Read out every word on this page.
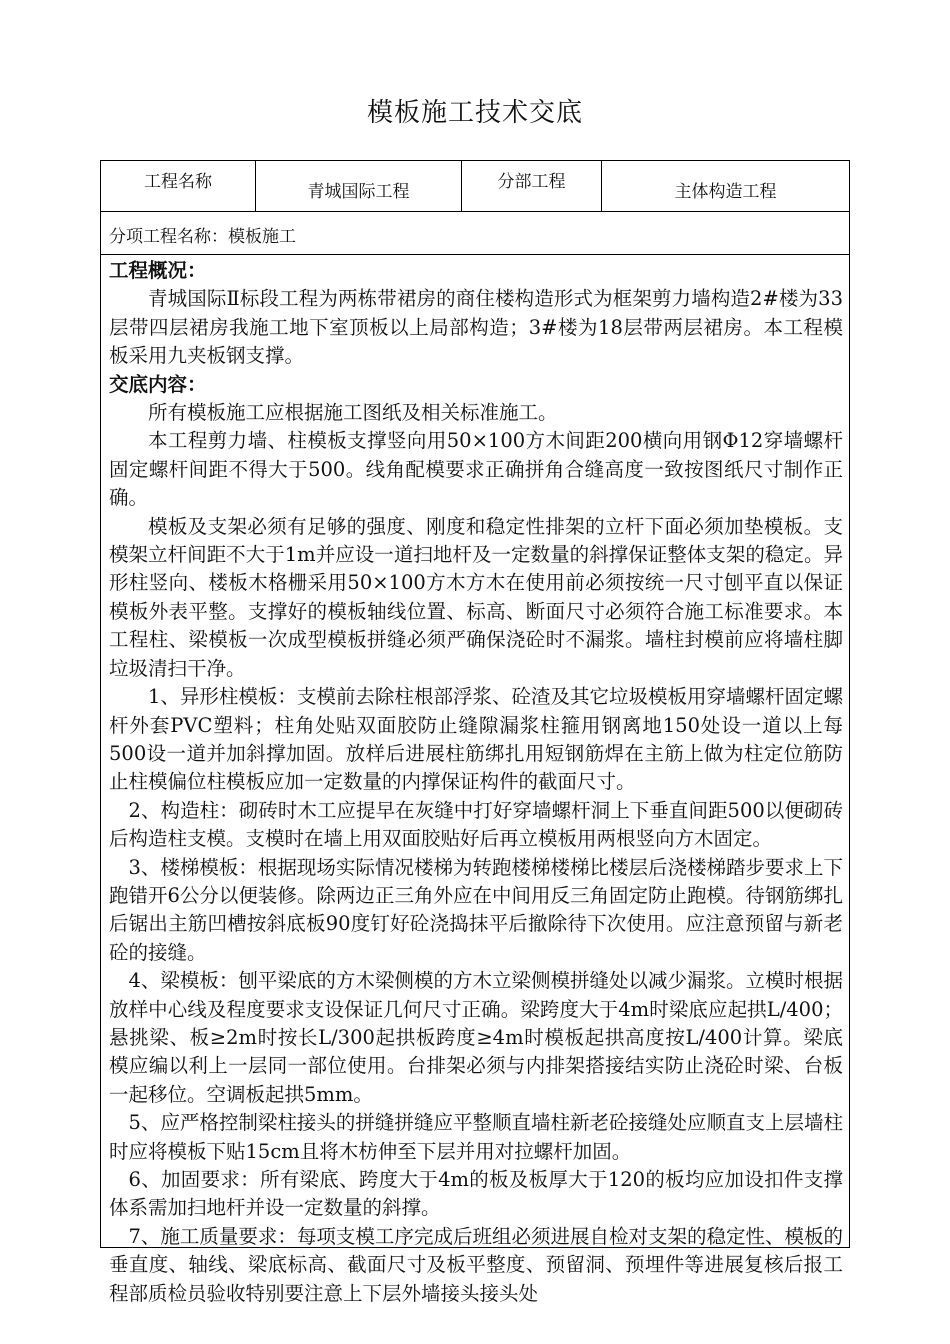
模板施工技术交底
工程名称	青城国际工程	分部工程	主体构造工程
分项工程名称：模板施工

工程概况：

青城国际Ⅱ标段工程为两栋带裙房的商住楼构造形式为框架剪力墙构造2#楼为33层带四层裙房我施工地下室顶板以上局部构造；3#楼为18层带两层裙房。本工程模板采用九夹板钢支撑。

交底内容：

所有模板施工应根据施工图纸及相关标准施工。

本工程剪力墙、柱模板支撑竖向用50×100方木间距200横向用钢Φ12穿墙螺杆固定螺杆间距不得大于500。线角配模要求正确拼角合缝高度一致按图纸尺寸制作正确。

模板及支架必须有足够的强度、刚度和稳定性排架的立杆下面必须加垫模板。支模架立杆间距不大于1m并应设一道扫地杆及一定数量的斜撑保证整体支架的稳定。异形柱竖向、楼板木格栅采用50×100方木方木在使用前必须按统一尺寸刨平直以保证模板外表平整。支撑好的模板轴线位置、标高、断面尺寸必须符合施工标准要求。本工程柱、梁模板一次成型模板拼缝必须严确保浇砼时不漏浆。墙柱封模前应将墙柱脚垃圾清扫干净。

1、异形柱模板：支模前去除柱根部浮浆、砼渣及其它垃圾模板用穿墙螺杆固定螺杆外套PVC塑料；柱角处贴双面胶防止缝隙漏浆柱箍用钢离地150处设一道以上每500设一道并加斜撑加固。放样后进展柱筋绑扎用短钢筋焊在主筋上做为柱定位筋防止柱模偏位柱模板应加一定数量的内撑保证构件的截面尺寸。

2、构造柱：砌砖时木工应提早在灰缝中打好穿墙螺杆洞上下垂直间距500以便砌砖后构造柱支模。支模时在墙上用双面胶贴好后再立模板用两根竖向方木固定。

3、楼梯模板：根据现场实际情况楼梯为转跑楼梯楼梯比楼层后浇楼梯踏步要求上下跑错开6公分以便装修。除两边正三角外应在中间用反三角固定防止跑模。待钢筋绑扎后锯出主筋凹槽按斜底板90度钉好砼浇捣抹平后撤除待下次使用。应注意预留与新老砼的接缝。

4、梁模板：刨平梁底的方木梁侧模的方木立梁侧模拼缝处以减少漏浆。立模时根据放样中心线及程度要求支设保证几何尺寸正确。梁跨度大于4m时梁底应起拱L/400；悬挑梁、板≥2m时按长L/300起拱板跨度≥4m时模板起拱高度按L/400计算。梁底模应编以利上一层同一部位使用。台排架必须与内排架搭接结实防止浇砼时梁、台板一起移位。空调板起拱5mm。

5、应严格控制梁柱接头的拼缝拼缝应平整顺直墙柱新老砼接缝处应顺直支上层墙柱时应将模板下贴15cm且将木枋伸至下层并用对拉螺杆加固。

6、加固要求：所有梁底、跨度大于4m的板及板厚大于120的板均应加设扣件支撑体系需加扫地杆并设一定数量的斜撑。

7、施工质量要求：每项支模工序完成后班组必须进展自检对支架的稳定性、模板的垂直度、轴线、梁底标高、截面尺寸及板平整度、预留洞、预埋件等进展复核后报工程部质检员验收特别要注意上下层外墙接头接头处
